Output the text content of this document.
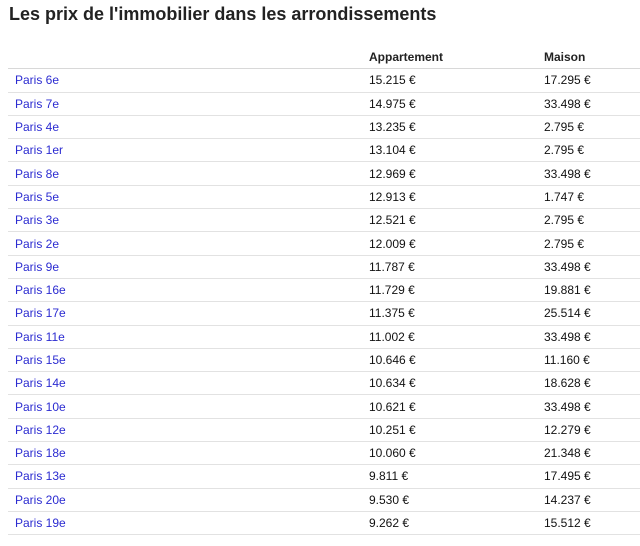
Les prix de l'immobilier dans les arrondissements
	Appartement	Maison
Paris 6e	15.215 €	17.295 €
Paris 7e	14.975 €	33.498 €
Paris 4e	13.235 €	2.795 €
Paris 1er	13.104 €	2.795 €
Paris 8e	12.969 €	33.498 €
Paris 5e	12.913 €	1.747 €
Paris 3e	12.521 €	2.795 €
Paris 2e	12.009 €	2.795 €
Paris 9e	11.787 €	33.498 €
Paris 16e	11.729 €	19.881 €
Paris 17e	11.375 €	25.514 €
Paris 11e	11.002 €	33.498 €
Paris 15e	10.646 €	11.160 €
Paris 14e	10.634 €	18.628 €
Paris 10e	10.621 €	33.498 €
Paris 12e	10.251 €	12.279 €
Paris 18e	10.060 €	21.348 €
Paris 13e	9.811 €	17.495 €
Paris 20e	9.530 €	14.237 €
Paris 19e	9.262 €	15.512 €
